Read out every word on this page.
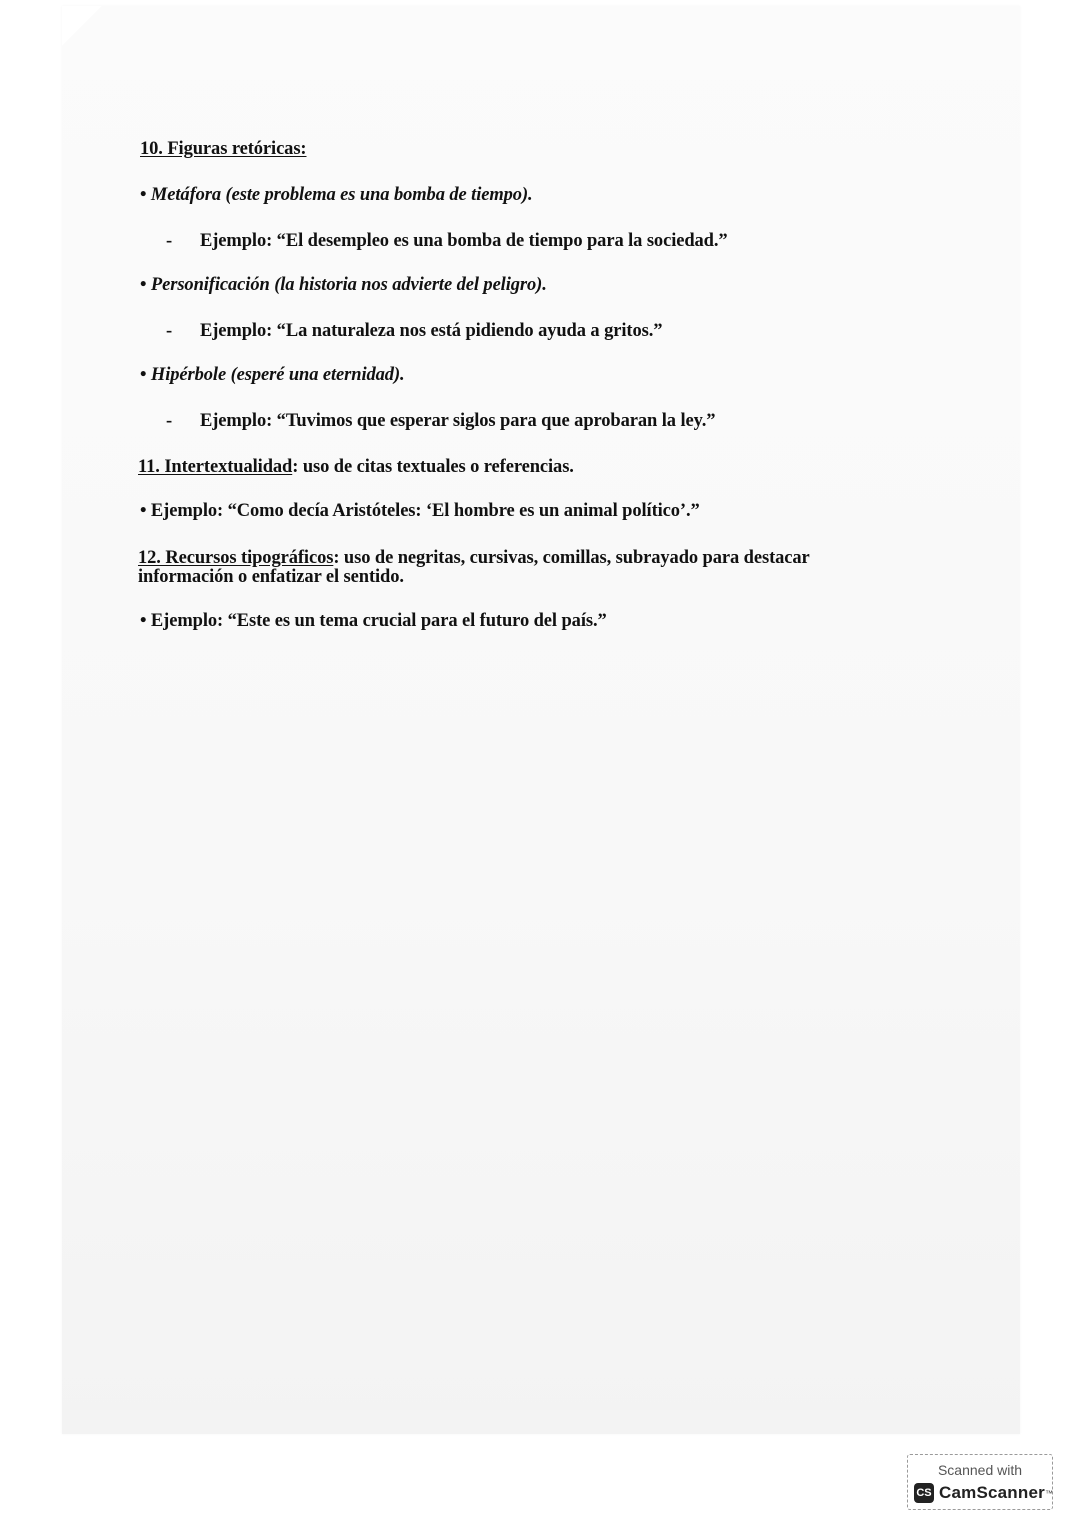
10. Figuras retóricas:
• Metáfora (este problema es una bomba de tiempo).
- Ejemplo: “El desempleo es una bomba de tiempo para la sociedad.”
• Personificación (la historia nos advierte del peligro).
- Ejemplo: “La naturaleza nos está pidiendo ayuda a gritos.”
• Hipérbole (esperé una eternidad).
- Ejemplo: “Tuvimos que esperar siglos para que aprobaran la ley.”
11. Intertextualidad: uso de citas textuales o referencias.
• Ejemplo: “Como decía Aristóteles: ‘El hombre es un animal político’.”
12. Recursos tipográficos: uso de negritas, cursivas, comillas, subrayado para destacar
información o enfatizar el sentido.
• Ejemplo: “Este es un tema crucial para el futuro del país.”
Scanned with
CS CamScanner ™
